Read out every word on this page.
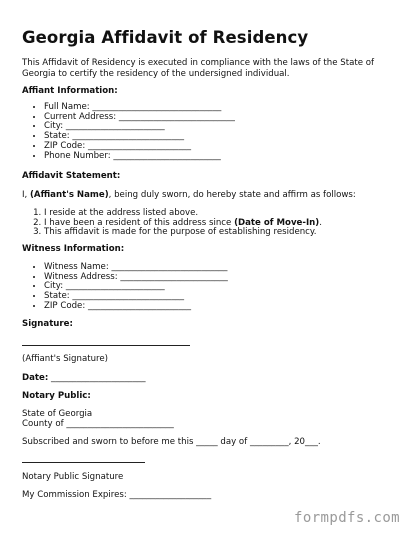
Georgia Affidavit of Residency
This Affidavit of Residency is executed in compliance with the laws of the State of Georgia to certify the residency of the undersigned individual.
Affiant Information:
• Full Name: ______________________________
• Current Address: ___________________________
• City: _______________________
• State: __________________________
• ZIP Code: ________________________
• Phone Number: _________________________
Affidavit Statement:
I, (Affiant's Name), being duly sworn, do hereby state and affirm as follows:
1. I reside at the address listed above.
2. I have been a resident of this address since (Date of Move-In).
3. This affidavit is made for the purpose of establishing residency.
Witness Information:
• Witness Name: ___________________________
• Witness Address: _________________________
• City: _______________________
• State: __________________________
• ZIP Code: ________________________
Signature:
(Affiant's Signature)
Date: ______________________
Notary Public:
State of Georgia
County of _________________________
Subscribed and sworn to before me this _____ day of _________, 20___.
Notary Public Signature
My Commission Expires: ___________________
formpdfs.com
